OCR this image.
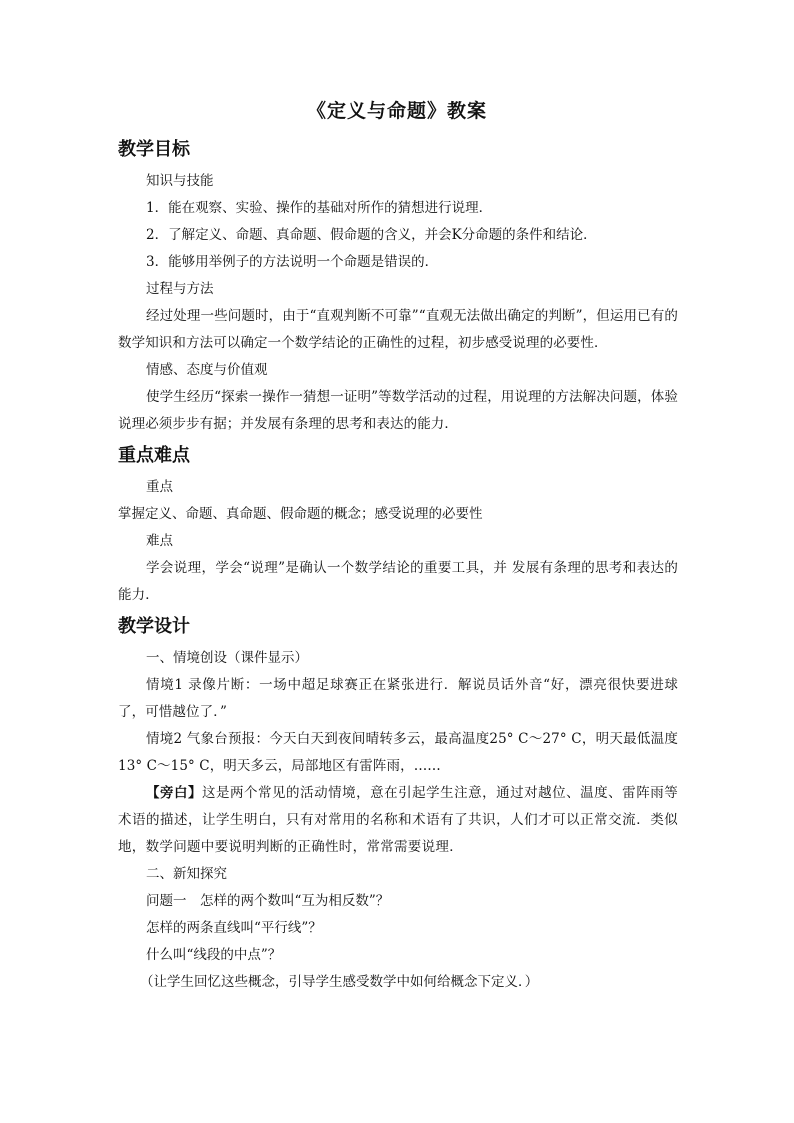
《定义与命题》教案
教学目标
知识与技能
1．能在观察、实验、操作的基础对所作的猜想进行说理．
2．了解定义、命题、真命题、假命题的含义，并会K分命题的条件和结论．
3．能够用举例子的方法说明一个命题是错误的．
过程与方法

经过处理一些问题时，由于“直观判断不可靠”“直观无法做出确定的判断”，但运用已有的数学知识和方法可以确定一个数学结论的正确性的过程，初步感受说理的必要性．

情感、态度与价值观

使学生经历“探索一操作一猜想一证明”等数学活动的过程，用说理的方法解决问题，体验说理必须步步有据；并发展有条理的思考和表达的能力．

重点难点
重点
掌握定义、命题、真命题、假命题的概念；感受说理的必要性
难点

学会说理，学会“说理”是确认一个数学结论的重要工具，并 发展有条理的思考和表达的能力．

教学设计
一、情境创设（课件显示）

情境1 录像片断：一场中超足球赛正在紧张进行．解说员话外音“好，漂亮很快要进球了，可惜越位了．”

情境2 气象台预报：今天白天到夜间晴转多云，最高温度25° C～27° C，明天最低温度13° C～15° C，明天多云，局部地区有雷阵雨，……

【旁白】这是两个常见的活动情境，意在引起学生注意，通过对越位、温度、雷阵雨等术语的描述，让学生明白，只有对常用的名称和术语有了共识，人们才可以正常交流．类似地，数学问题中要说明判断的正确性时，常常需要说理．

二、新知探究
问题一　怎样的两个数叫“互为相反数”？
怎样的两条直线叫“平行线”？
什么叫“线段的中点”？
（让学生回忆这些概念，引导学生感受数学中如何给概念下定义．）
